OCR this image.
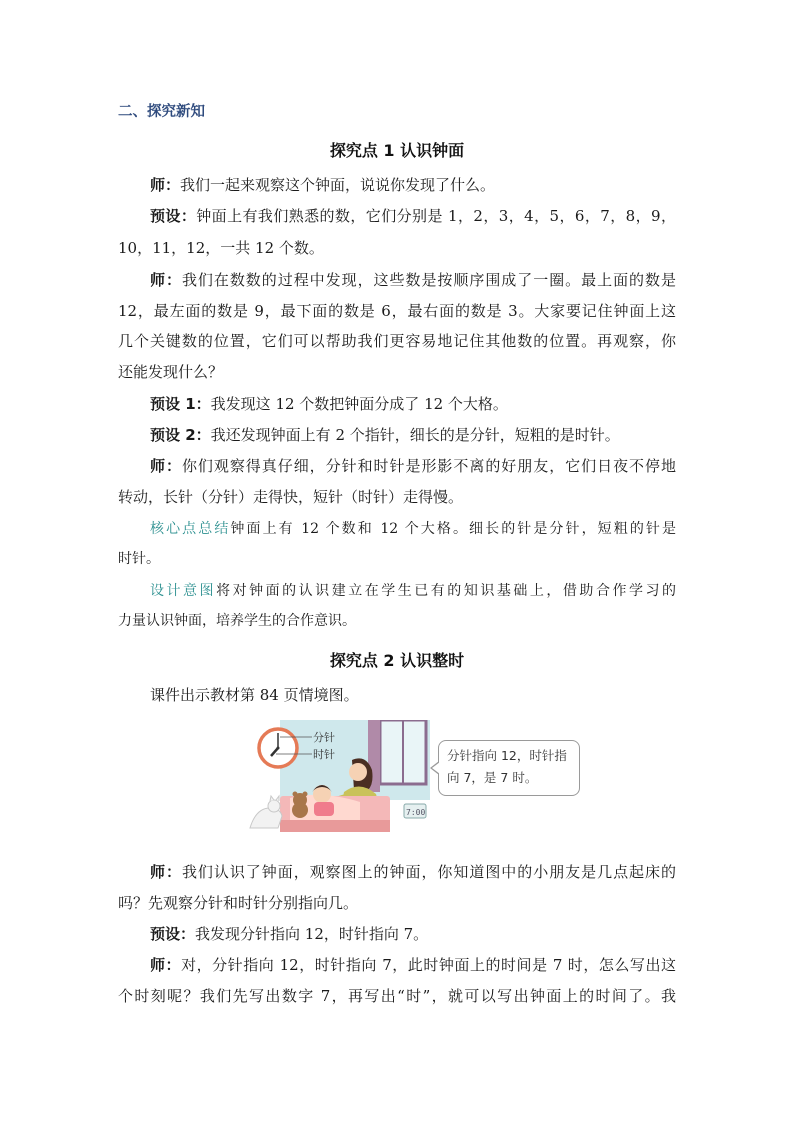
二、探究新知
探究点 1 认识钟面
师：我们一起来观察这个钟面，说说你发现了什么。
预设：钟面上有我们熟悉的数，它们分别是 1，2，3，4，5，6，7，8，9，
10，11，12，一共 12 个数。
师：我们在数数的过程中发现，这些数是按顺序围成了一圈。最上面的数是
12，最左面的数是 9，最下面的数是 6，最右面的数是 3。大家要记住钟面上这
几个关键数的位置，它们可以帮助我们更容易地记住其他数的位置。再观察，你
还能发现什么？
预设 1：我发现这 12 个数把钟面分成了 12 个大格。
预设 2：我还发现钟面上有 2 个指针，细长的是分针，短粗的是时针。
师：你们观察得真仔细，分针和时针是形影不离的好朋友，它们日夜不停地
转动，长针（分针）走得快，短针（时针）走得慢。
核心点总结钟面上有 12 个数和 12 个大格。细长的针是分针，短粗的针是
时针。
设计意图将对钟面的认识建立在学生已有的知识基础上，借助合作学习的
力量认识钟面，培养学生的合作意识。
探究点 2 认识整时
课件出示教材第 84 页情境图。
分针
时针
7:00
分针指向 12，时针指
向 7，是 7 时。
师：我们认识了钟面，观察图上的钟面，你知道图中的小朋友是几点起床的
吗？先观察分针和时针分别指向几。
预设：我发现分针指向 12，时针指向 7。
师：对，分针指向 12，时针指向 7，此时钟面上的时间是 7 时，怎么写出这
个时刻呢？我们先写出数字 7，再写出“时”，就可以写出钟面上的时间了。我
